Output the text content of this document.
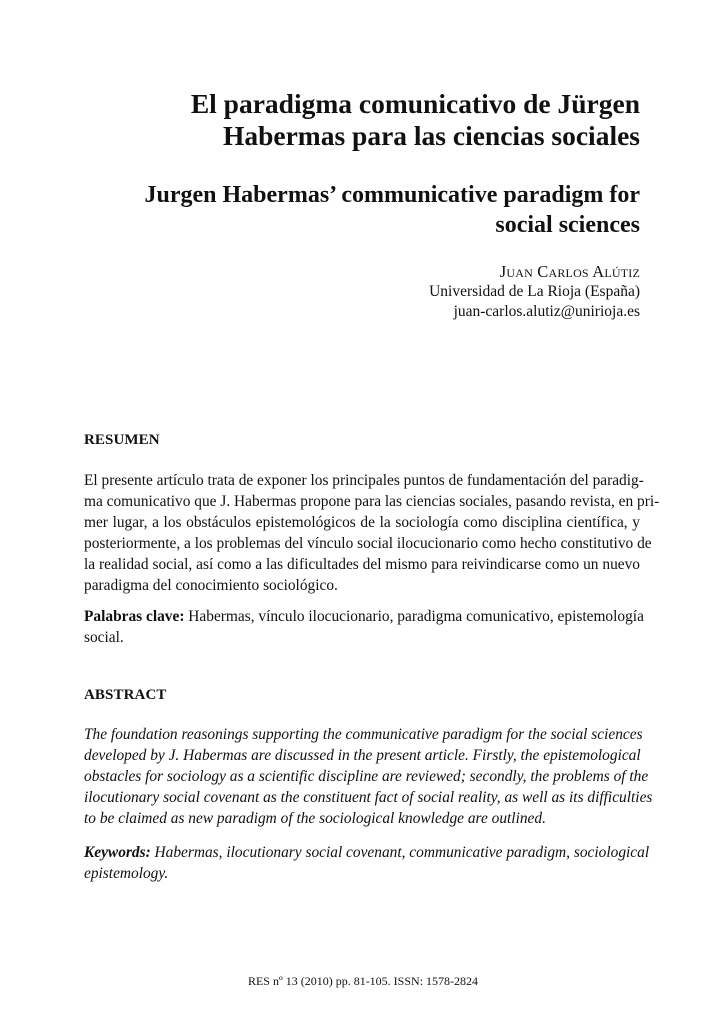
El paradigma comunicativo de Jürgen
Habermas para las ciencias sociales
Jurgen Habermas’ communicative paradigm for
social sciences
Juan Carlos Alútiz
Universidad de La Rioja (España)
juan-carlos.alutiz@unirioja.es
RESUMEN

El presente artículo trata de exponer los principales puntos de fundamentación del paradig-
ma comunicativo que J. Habermas propone para las ciencias sociales, pasando revista, en pri-
mer lugar, a los obstáculos epistemológicos de la sociología como disciplina científica, y
posteriormente, a los problemas del vínculo social ilocucionario como hecho constitutivo de
la realidad social, así como a las dificultades del mismo para reivindicarse como un nuevo
paradigma del conocimiento sociológico.

Palabras clave: Habermas, vínculo ilocucionario, paradigma comunicativo, epistemología
social.

ABSTRACT

The foundation reasonings supporting the communicative paradigm for the social sciences
developed by J. Habermas are discussed in the present article. Firstly, the epistemological
obstacles for sociology as a scientific discipline are reviewed; secondly, the problems of the
ilocutionary social covenant as the constituent fact of social reality, as well as its difficulties
to be claimed as new paradigm of the sociological knowledge are outlined.

Keywords: Habermas, ilocutionary social covenant, communicative paradigm, sociological
epistemology.

RES nº 13 (2010) pp. 81-105. ISSN: 1578-2824
